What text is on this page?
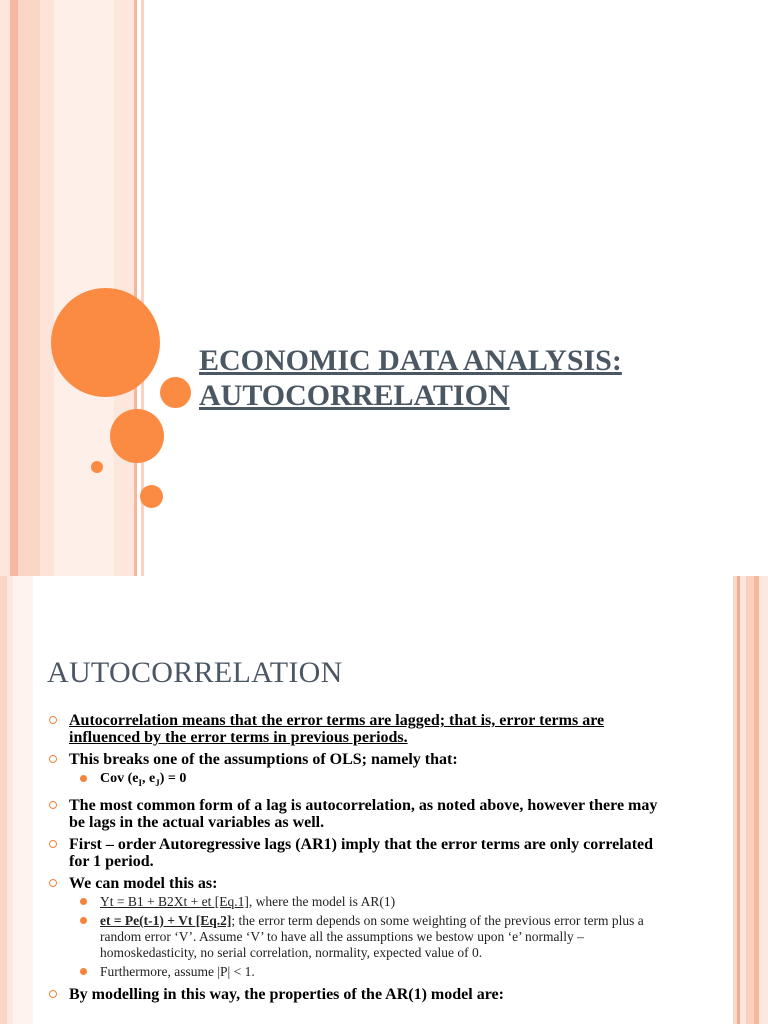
ECONOMIC DATA ANALYSIS:
AUTOCORRELATION
AUTOCORRELATION
Autocorrelation means that the error terms are lagged; that is, error terms are influenced by the error terms in previous periods.
This breaks one of the assumptions of OLS; namely that:
Cov ($e_I$, $e_J) = 0$
The most common form of a lag is autocorrelation, as noted above, however there may be lags in the actual variables as well.
First – order Autoregressive lags (AR1) imply that the error terms are only correlated for 1 period.
We can model this as:
Yt = B1 + B2Xt + et [Eq.1], where the model is AR(1)
et = Pe(t-1) + Vt [Eq.2]; the error term depends on some weighting of the previous error term plus a random error ‘V’. Assume ‘V’ to have all the assumptions we bestow upon ‘e’ normally – homoskedasticity, no serial correlation, normality, expected value of 0.
Furthermore, assume |P| < 1.
By modelling in this way, the properties of the AR(1) model are:
